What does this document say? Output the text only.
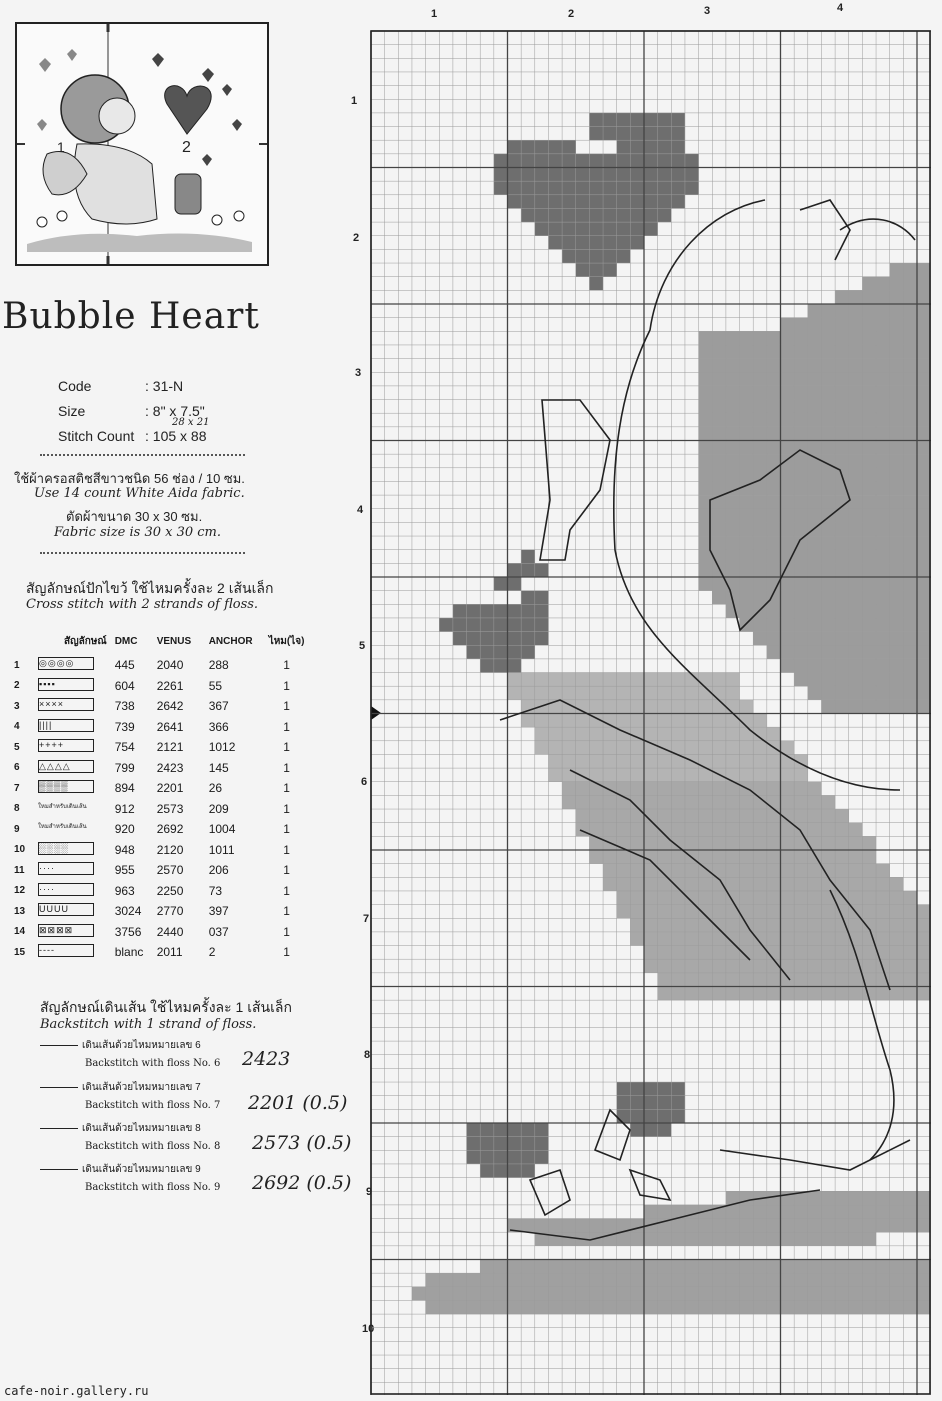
1	2
Bubble Heart
Code	: 31-N
Size	: 8" x 7.5"
28 x 21
Stitch Count : 105 x 88
ใช้ผ้าครอสติชสีขาวชนิด 56 ช่อง / 10 ซม.
Use 14 count White Aida fabric.
ตัดผ้าขนาด 30 x 30 ซม.
Fabric size is 30 x 30 cm.
สัญลักษณ์ปักไขว้ ใช้ไหมครั้งละ 2 เส้นเล็ก
Cross stitch with 2 strands of floss.
	สัญลักษณ์	DMC	VENUS	ANCHOR	ไหม(ไจ)
1	◎◎◎◎	445	2040	288	1
2	▪▪▪▪	604	2261	55	1
3	××××	738	2642	367	1
4	||||	739	2641	366	1
5	++++	754	2121	1012	1
6	△△△△	799	2423	145	1
7	▒▒▒▒	894	2201	26	1
8	ใหมสำหรับเดินเส้น	912	2573	209	1
9	ใหมสำหรับเดินเส้น	920	2692	1004	1
10	░░░░	948	2120	1011	1
11	····	955	2570	206	1
12	····	963	2250	73	1
13	UUUU	3024	2770	397	1
14	⊠⊠⊠⊠	3756	2440	037	1
15	----	blanc	2011	2	1
สัญลักษณ์เดินเส้น ใช้ไหมครั้งละ 1 เส้นเล็ก
Backstitch with 1 strand of floss.
เดินเส้นด้วยไหมหมายเลข 6
Backstitch with floss No. 6 2423
เดินเส้นด้วยไหมหมายเลข 7
Backstitch with floss No. 7 2201 (0.5)
เดินเส้นด้วยไหมหมายเลข 8
Backstitch with floss No. 8 2573 (0.5)
เดินเส้นด้วยไหมหมายเลข 9
Backstitch with floss No. 9 2692 (0.5)
1	2	3	4
1
2
3
4
5
6
7
8
9
10
cafe-noir.gallery.ru
